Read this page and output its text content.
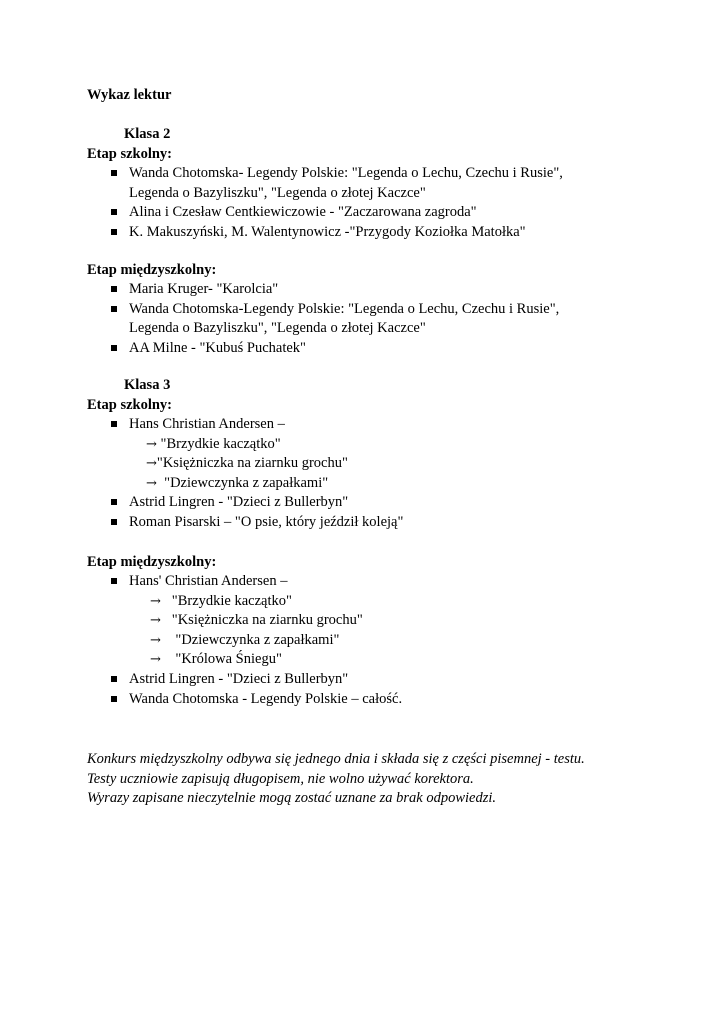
Wykaz lektur
Klasa 2
Etap szkolny:
Wanda Chotomska- Legendy Polskie: "Legenda o Lechu, Czechu i Rusie",
Legenda o Bazyliszku", "Legenda o złotej Kaczce"
Alina i Czesław Centkiewiczowie - "Zaczarowana zagroda"
K. Makuszyński, M. Walentynowicz -"Przygody Koziołka Matołka"
Etap międzyszkolny:
Maria Kruger- "Karolcia"
Wanda Chotomska-Legendy Polskie: "Legenda o Lechu, Czechu i Rusie",
Legenda o Bazyliszku", "Legenda o złotej Kaczce"
AA Milne - "Kubuś Puchatek"
Klasa 3
Etap szkolny:
Hans Christian Andersen –
→ "Brzydkie kaczątko"
→"Księżniczka na ziarnku grochu"
→ "Dziewczynka z zapałkami"
Astrid Lingren - "Dzieci z Bullerbyn"
Roman Pisarski – "O psie, który jeździł koleją"
Etap międzyszkolny:
Hans' Christian Andersen –
→ "Brzydkie kaczątko"
→ "Księżniczka na ziarnku grochu"
→ "Dziewczynka z zapałkami"
→ "Królowa Śniegu"
Astrid Lingren - "Dzieci z Bullerbyn"
Wanda Chotomska - Legendy Polskie – całość.
Konkurs międzyszkolny odbywa się jednego dnia i składa się z części pisemnej - testu.
Testy uczniowie zapisują długopisem, nie wolno używać korektora.
Wyrazy zapisane nieczytelnie mogą zostać uznane za brak odpowiedzi.
